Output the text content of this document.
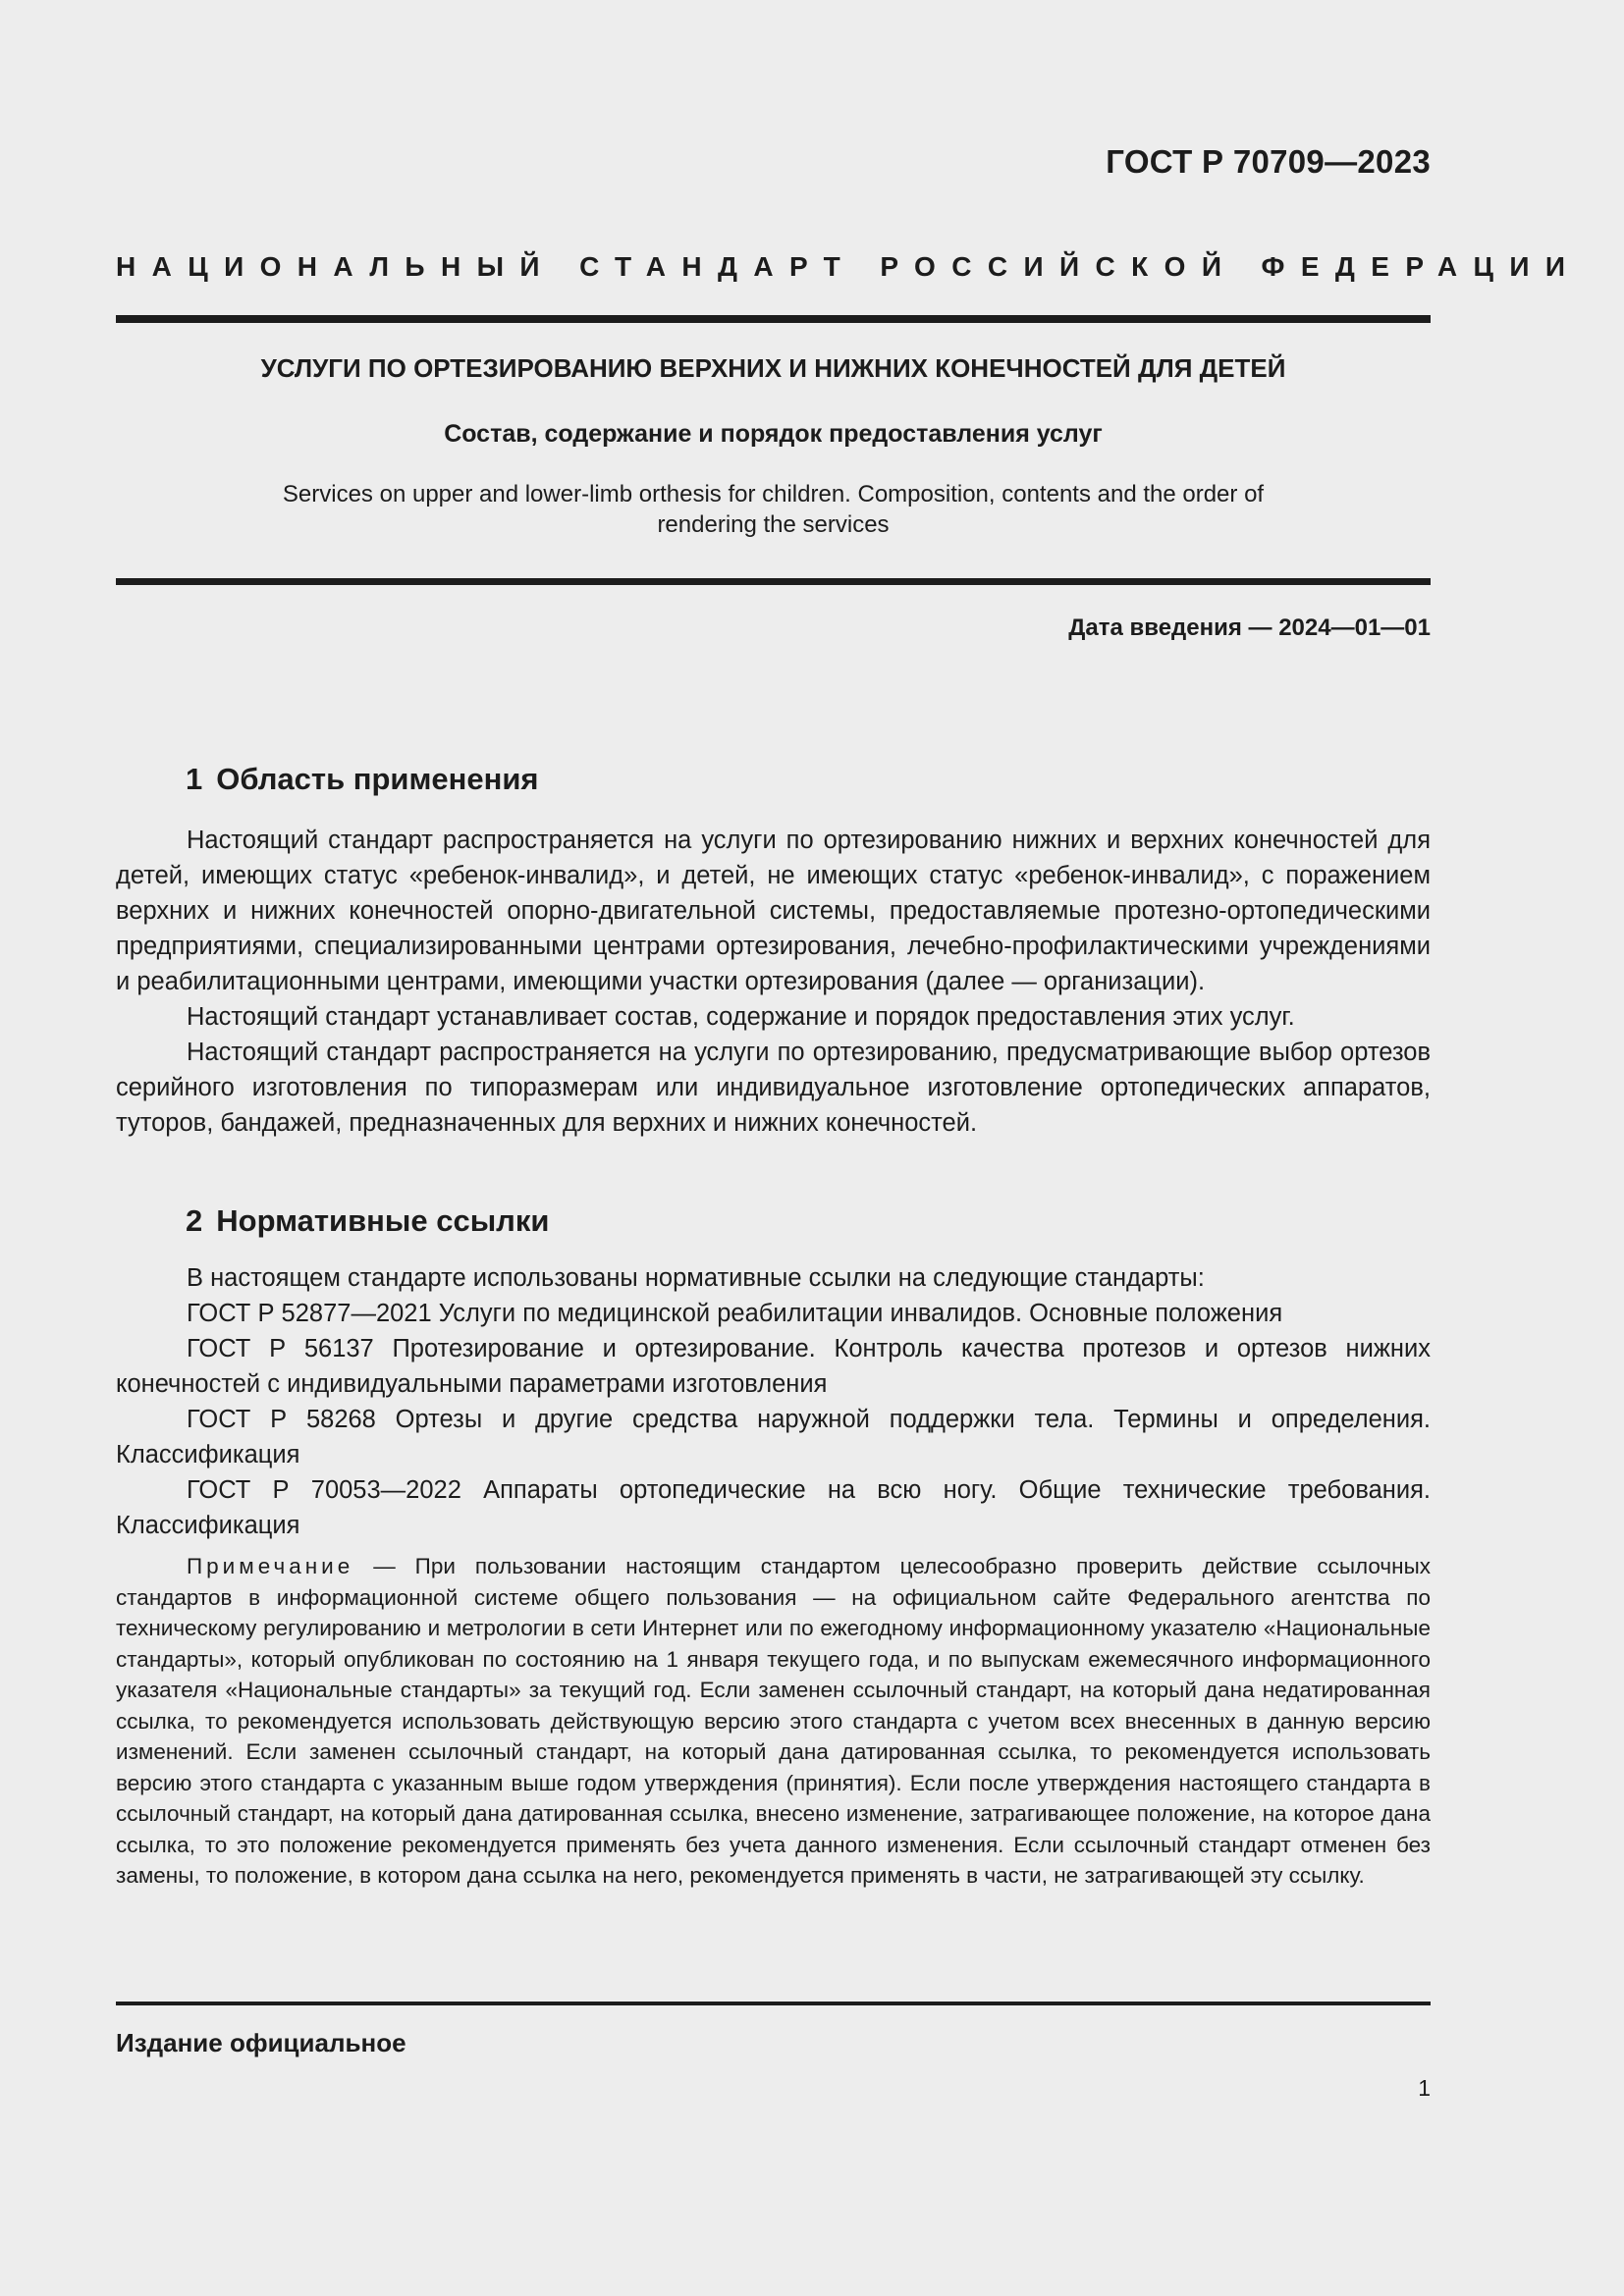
ГОСТ Р 70709—2023
НАЦИОНАЛЬНЫЙ СТАНДАРТ РОССИЙСКОЙ ФЕДЕРАЦИИ
УСЛУГИ ПО ОРТЕЗИРОВАНИЮ ВЕРХНИХ И НИЖНИХ КОНЕЧНОСТЕЙ ДЛЯ ДЕТЕЙ
Состав, содержание и порядок предоставления услуг
Services on upper and lower-limb orthesis for children. Composition, contents and the order of rendering the services
Дата введения — 2024—01—01
1 Область применения

Настоящий стандарт распространяется на услуги по ортезированию нижних и верхних конечностей для детей, имеющих статус «ребенок-инвалид», и детей, не имеющих статус «ребенок-инвалид», с поражением верхних и нижних конечностей опорно-двигательной системы, предоставляемые протезно-ортопедическими предприятиями, специализированными центрами ортезирования, лечебно-профилактическими учреждениями и реабилитационными центрами, имеющими участки ортезирования (далее — организации).

Настоящий стандарт устанавливает состав, содержание и порядок предоставления этих услуг.

Настоящий стандарт распространяется на услуги по ортезированию, предусматривающие выбор ортезов серийного изготовления по типоразмерам или индивидуальное изготовление ортопедических аппаратов, туторов, бандажей, предназначенных для верхних и нижних конечностей.

2 Нормативные ссылки

В настоящем стандарте использованы нормативные ссылки на следующие стандарты:

ГОСТ Р 52877—2021 Услуги по медицинской реабилитации инвалидов. Основные положения

ГОСТ Р 56137 Протезирование и ортезирование. Контроль качества протезов и ортезов нижних конечностей с индивидуальными параметрами изготовления

ГОСТ Р 58268 Ортезы и другие средства наружной поддержки тела. Термины и определения. Классификация

ГОСТ Р 70053—2022 Аппараты ортопедические на всю ногу. Общие технические требования. Классификация

Примечание — При пользовании настоящим стандартом целесообразно проверить действие ссылочных стандартов в информационной системе общего пользования — на официальном сайте Федерального агентства по техническому регулированию и метрологии в сети Интернет или по ежегодному информационному указателю «Национальные стандарты», который опубликован по состоянию на 1 января текущего года, и по выпускам ежемесячного информационного указателя «Национальные стандарты» за текущий год. Если заменен ссылочный стандарт, на который дана недатированная ссылка, то рекомендуется использовать действующую версию этого стандарта с учетом всех внесенных в данную версию изменений. Если заменен ссылочный стандарт, на который дана датированная ссылка, то рекомендуется использовать версию этого стандарта с указанным выше годом утверждения (принятия). Если после утверждения настоящего стандарта в ссылочный стандарт, на который дана датированная ссылка, внесено изменение, затрагивающее положение, на которое дана ссылка, то это положение рекомендуется применять без учета данного изменения. Если ссылочный стандарт отменен без замены, то положение, в котором дана ссылка на него, рекомендуется применять в части, не затрагивающей эту ссылку.
Издание официальное
1
